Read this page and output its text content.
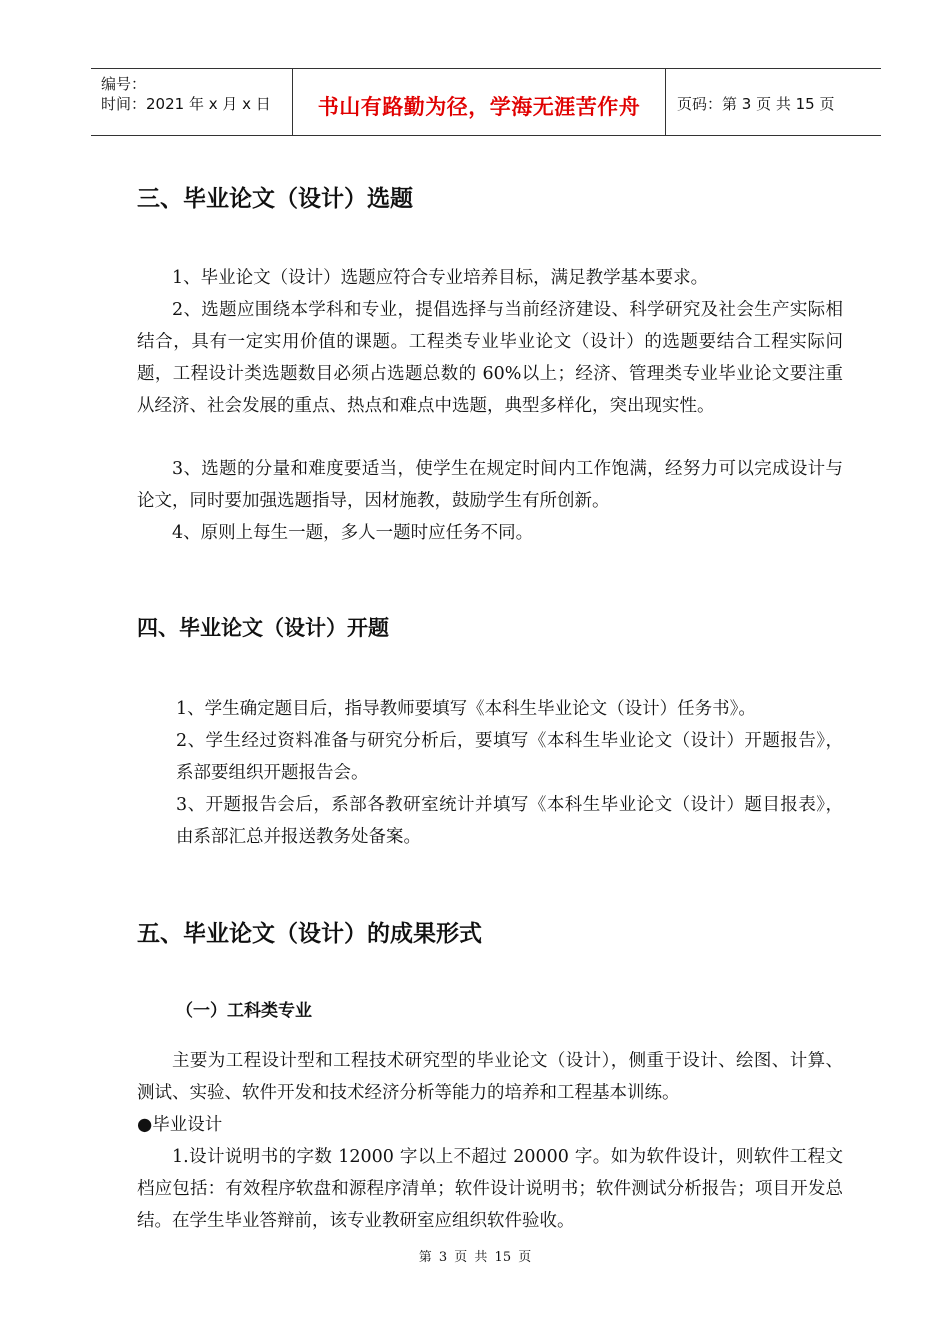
编号：
时间：2021 年 x 月 x 日	书山有路勤为径，学海无涯苦作舟	页码：第 3 页 共 15 页
三、毕业论文（设计）选题

1、毕业论文（设计）选题应符合专业培养目标，满足教学基本要求。

2、选题应围绕本学科和专业，提倡选择与当前经济建设、科学研究及社会生产实际相结合，具有一定实用价值的课题。工程类专业毕业论文（设计）的选题要结合工程实际问题，工程设计类选题数目必须占选题总数的 60%以上；经济、管理类专业毕业论文要注重从经济、社会发展的重点、热点和难点中选题，典型多样化，突出现实性。

3、选题的分量和难度要适当，使学生在规定时间内工作饱满，经努力可以完成设计与论文，同时要加强选题指导，因材施教，鼓励学生有所创新。

4、原则上每生一题，多人一题时应任务不同。

四、毕业论文（设计）开题

1、学生确定题目后，指导教师要填写《本科生毕业论文（设计）任务书》。

2、学生经过资料准备与研究分析后，要填写《本科生毕业论文（设计）开题报告》，系部要组织开题报告会。

3、开题报告会后，系部各教研室统计并填写《本科生毕业论文（设计）题目报表》，由系部汇总并报送教务处备案。

五、毕业论文（设计）的成果形式
（一）工科类专业

主要为工程设计型和工程技术研究型的毕业论文（设计），侧重于设计、绘图、计算、测试、实验、软件开发和技术经济分析等能力的培养和工程基本训练。

●毕业设计

1.设计说明书的字数 12000 字以上不超过 20000 字。如为软件设计，则软件工程文档应包括：有效程序软盘和源程序清单；软件设计说明书；软件测试分析报告；项目开发总结。在学生毕业答辩前，该专业教研室应组织软件验收。

第 3 页 共 15 页
